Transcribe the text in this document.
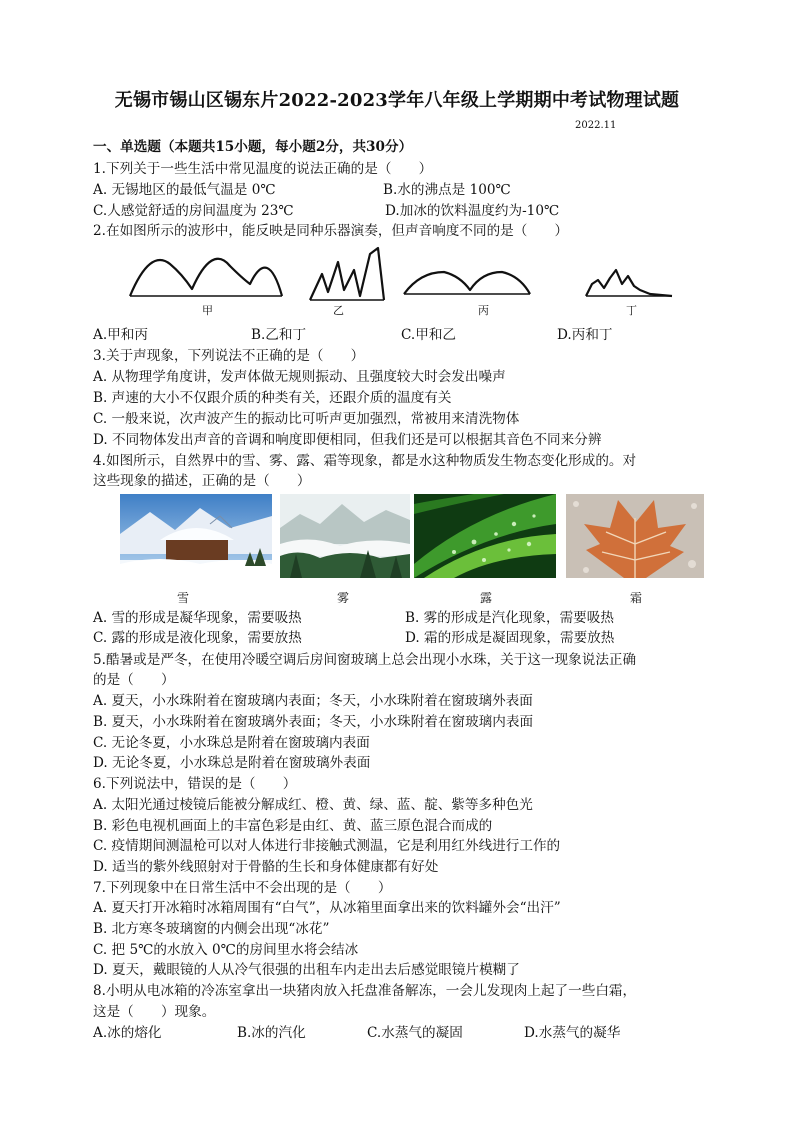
无锡市锡山区锡东片2022-2023学年八年级上学期期中考试物理试题
2022.11
一、单选题（本题共15小题，每小题2分，共30分）
1.下列关于一些生活中常见温度的说法正确的是（　　）
A. 无锡地区的最低气温是 0℃	B.水的沸点是 100℃
C.人感觉舒适的房间温度为 23℃	D.加冰的饮料温度约为-10℃
2.在如图所示的波形中，能反映是同种乐器演奏，但声音响度不同的是（　　）
甲	乙	丙	丁
A.甲和丙	B.乙和丁	C.甲和乙	D.丙和丁
3.关于声现象，下列说法不正确的是（　　）
A. 从物理学角度讲，发声体做无规则振动、且强度较大时会发出噪声
B. 声速的大小不仅跟介质的种类有关，还跟介质的温度有关
C. 一般来说，次声波产生的振动比可听声更加强烈，常被用来清洗物体
D. 不同物体发出声音的音调和响度即便相同，但我们还是可以根据其音色不同来分辨
4.如图所示，自然界中的雪、雾、露、霜等现象，都是水这种物质发生物态变化形成的。对
这些现象的描述，正确的是（　　）
雪	雾	露	霜
A. 雪的形成是凝华现象，需要吸热	B. 雾的形成是汽化现象，需要吸热
C. 露的形成是液化现象，需要放热	D. 霜的形成是凝固现象，需要放热
5.酷暑或是严冬，在使用冷暖空调后房间窗玻璃上总会出现小水珠，关于这一现象说法正确
的是（　　）
A. 夏天，小水珠附着在窗玻璃内表面；冬天，小水珠附着在窗玻璃外表面
B. 夏天，小水珠附着在窗玻璃外表面；冬天，小水珠附着在窗玻璃内表面
C. 无论冬夏，小水珠总是附着在窗玻璃内表面
D. 无论冬夏，小水珠总是附着在窗玻璃外表面
6.下列说法中，错误的是（　　）
A. 太阳光通过棱镜后能被分解成红、橙、黄、绿、蓝、靛、紫等多种色光
B. 彩色电视机画面上的丰富色彩是由红、黄、蓝三原色混合而成的
C. 疫情期间测温枪可以对人体进行非接触式测温，它是利用红外线进行工作的
D. 适当的紫外线照射对于骨骼的生长和身体健康都有好处
7.下列现象中在日常生活中不会出现的是（　　）
A. 夏天打开冰箱时冰箱周围有“白气”，从冰箱里面拿出来的饮料罐外会“出汗”
B. 北方寒冬玻璃窗的内侧会出现“冰花”
C. 把 5℃的水放入 0℃的房间里水将会结冰
D. 夏天，戴眼镜的人从冷气很强的出租车内走出去后感觉眼镜片模糊了
8.小明从电冰箱的冷冻室拿出一块猪肉放入托盘准备解冻，一会儿发现肉上起了一些白霜，
这是（　　）现象。
A.冰的熔化	B.冰的汽化	C.水蒸气的凝固	D.水蒸气的凝华
